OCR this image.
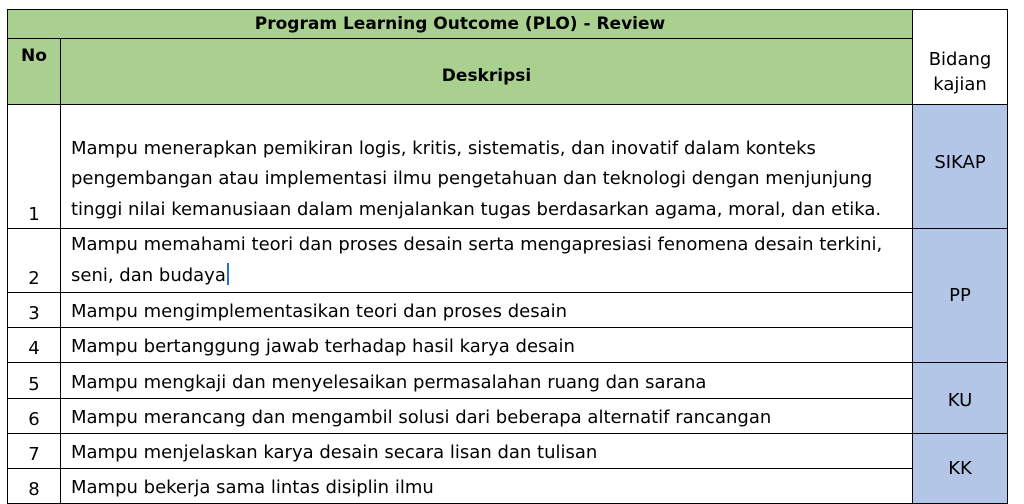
Program Learning Outcome (PLO) - Review		Bidang kajian
No	Deskripsi	
1	Mampu menerapkan pemikiran logis, kritis, sistematis, dan inovatif dalam konteks pengembangan atau implementasi ilmu pengetahuan dan teknologi dengan menjunjung tinggi nilai kemanusiaan dalam menjalankan tugas berdasarkan agama, moral, dan etika.	SIKAP
2	Mampu memahami teori dan proses desain serta mengapresiasi fenomena desain terkini, seni, dan budaya	PP
3	Mampu mengimplementasikan teori dan proses desain	
4	Mampu bertanggung jawab terhadap hasil karya desain	
5	Mampu mengkaji dan menyelesaikan permasalahan ruang dan sarana	KU
6	Mampu merancang dan mengambil solusi dari beberapa alternatif rancangan	
7	Mampu menjelaskan karya desain secara lisan dan tulisan	KK
8	Mampu bekerja sama lintas disiplin ilmu	
